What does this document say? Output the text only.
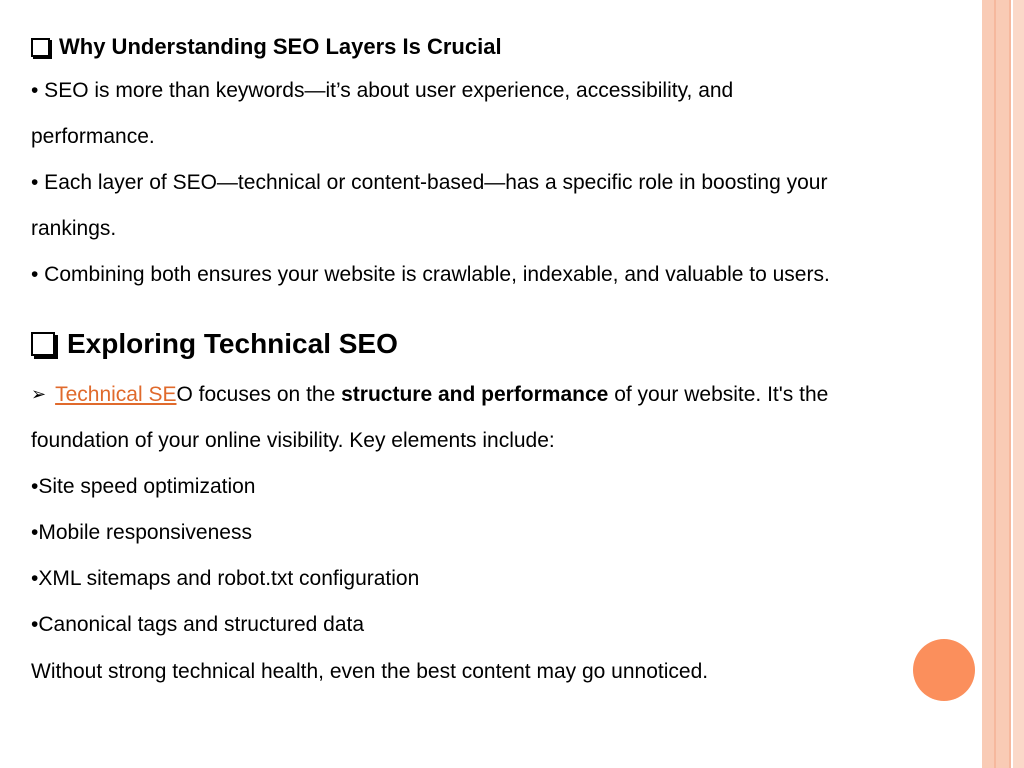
Why Understanding SEO Layers Is Crucial

• SEO is more than keywords—it’s about user experience, accessibility, and

performance.

• Each layer of SEO—technical or content-based—has a specific role in boosting your

rankings.

• Combining both ensures your website is crawlable, indexable, and valuable to users.

Exploring Technical SEO

➢ Technical SEO focuses on the structure and performance of your website. It's the

foundation of your online visibility. Key elements include:

•Site speed optimization

•Mobile responsiveness

•XML sitemaps and robot.txt configuration

•Canonical tags and structured data

Without strong technical health, even the best content may go unnoticed.
